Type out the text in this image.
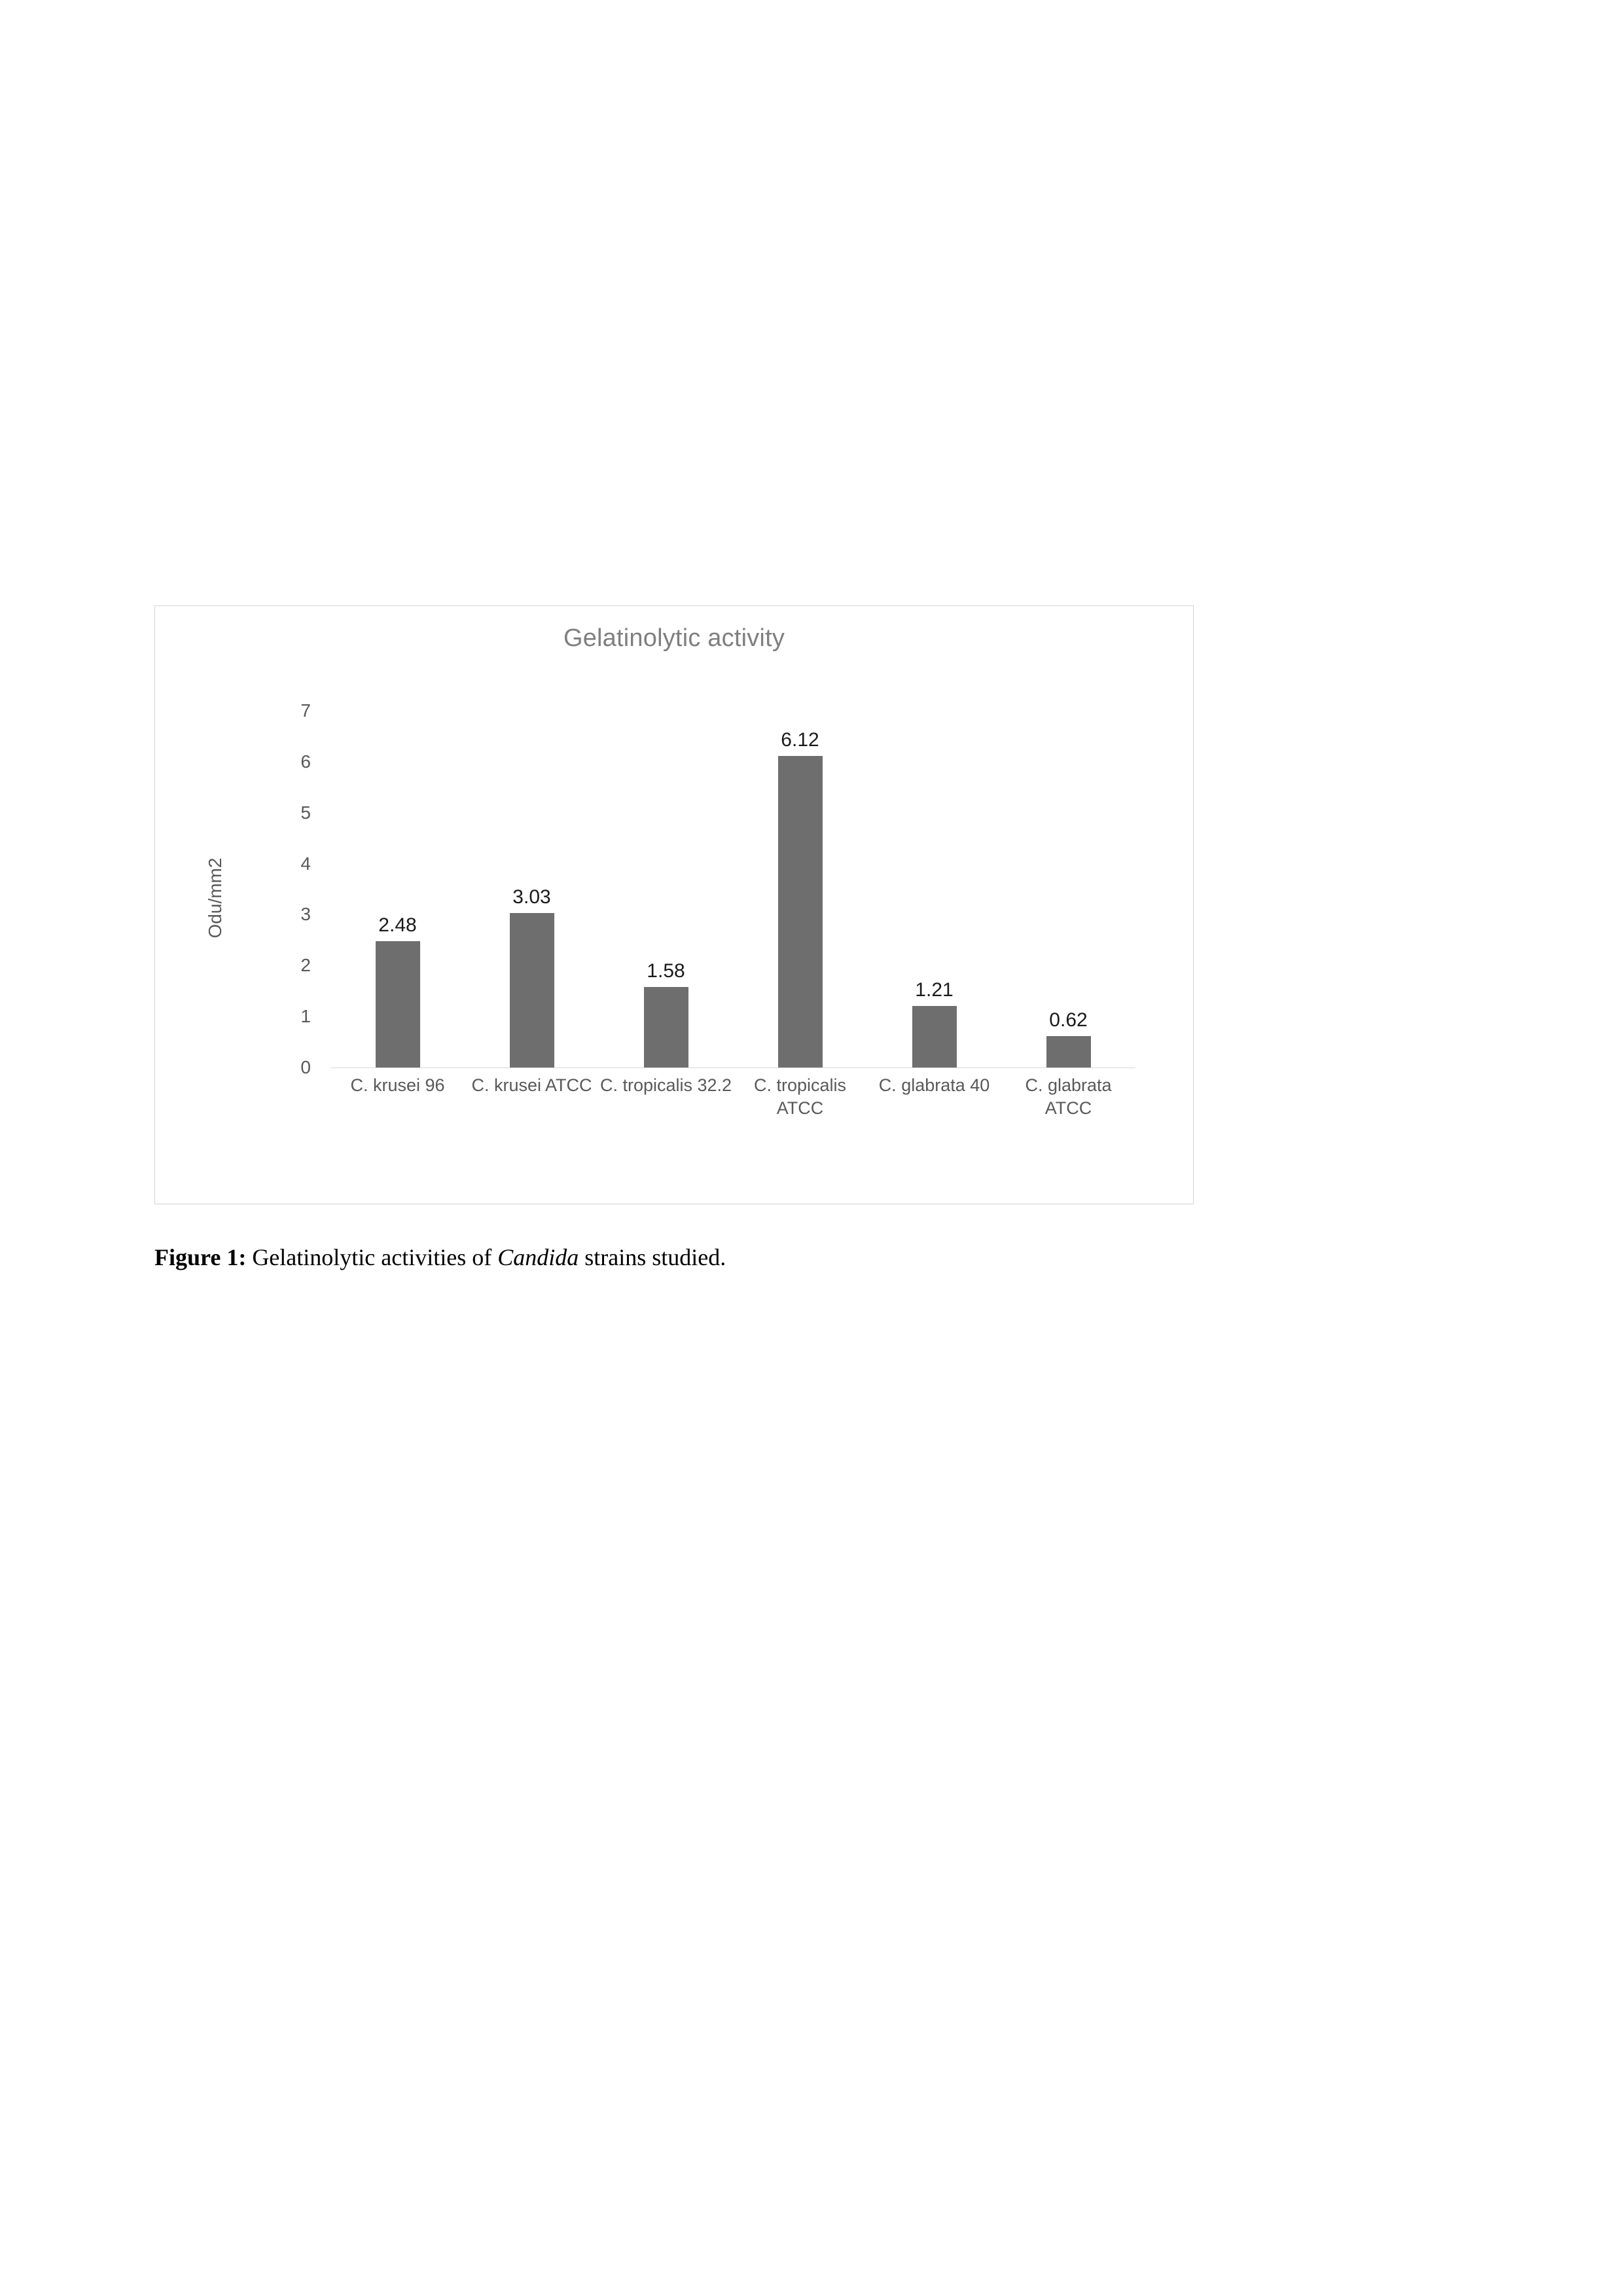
Gelatinolytic activity
Odu/mm2
7
6
5
4
3
2
1
0
2.48
3.03
1.58
6.12
1.21
0.62
C. krusei 96	C. krusei ATCC C. tropicalis 32.2	C. tropicalis ATCC
C. glabrata 40	C. glabrata ATCC
Figure 1: Gelatinolytic activities of Candida strains studied.
